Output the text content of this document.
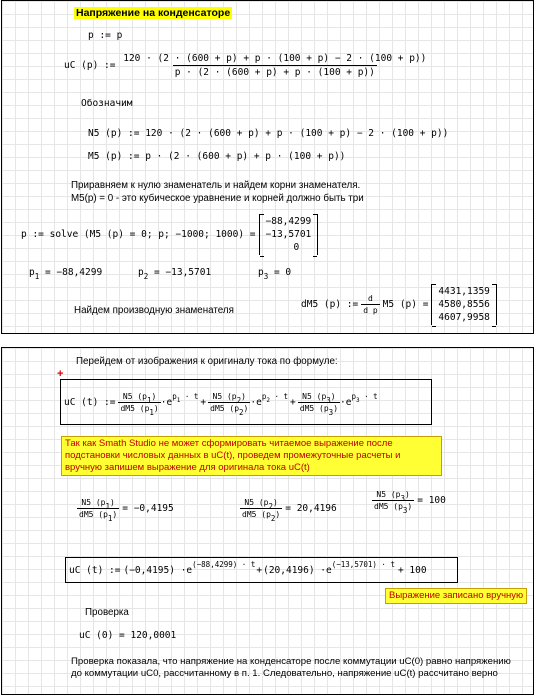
Напряжение на конденсаторе
p := p
uC (p) := $\frac{120 \cdot (2 \cdot (600 + p) + p \cdot (100 + p) - 2 \cdot (100 + p))}{p \cdot (2 \cdot (600 + p) + p \cdot (100 + p))}$
Обозначим
N5 (p) := 120 · (2 · (600 + p) + p · (100 + p) − 2 · (100 + p))
M5 (p) := p · (2 · (600 + p) + p · (100 + p))
Приравняем к нулю знаменатель и найдем корни знаменателя.
M5(p) = 0 - это кубическое уравнение и корней должно быть три
p := solve (M5 (p) = 0; p; −1000; 1000) =
−88,4299
−13,5701
0
$p_1 = -88,4299$	$p_2 = -13,5701$	$p_3 = 0$
Найдем производную знаменателя
dM5 (p) := $\frac{d}{\text{d p}} M5$ (p) =
4431,1359
4580,8556
4607,9958
Перейдем от изображения к оригиналу тока по формуле:
+
uC (t) := $\frac{N5 (p1)}{dM5 (p1)} \cdot e^{p_1 \cdot t}$
+ $\frac{N5 (p2)}{dM5 (p2)} \cdot e^{p_2 \cdot t}$
+ $\frac{N5 (p3)}{dM5 (p3)} \cdot e^{p_3 \cdot t}$
Так как Smath Studio не может сформировать читаемое выражение после подстановки числовых данных в uC(t), проведем промежуточные расчеты и вручную запишем выражение для оригинала тока uC(t)
$\frac{N5 (p1)}{dM5 (p1)} = -0,4195$	$\frac{N5 (p2)}{dM5 (p2)} = 20,4196$	$\frac{N5 (p3)}{dM5 (p3)} = 100$
uC (t) := $(-0,4195) \cdot e^{(-88,4299) \cdot t}$
+ $(20,4196) \cdot e^{(-13,5701) \cdot t}$
+ 100
Выражение записано вручную
Проверка
uC (0) = 120,0001
Проверка показала, что напряжение на конденсаторе после коммутации uC(0) равно напряжению до коммутации uC0, рассчитанному в п. 1. Следовательно, напряжение uC(t) рассчитано верно
